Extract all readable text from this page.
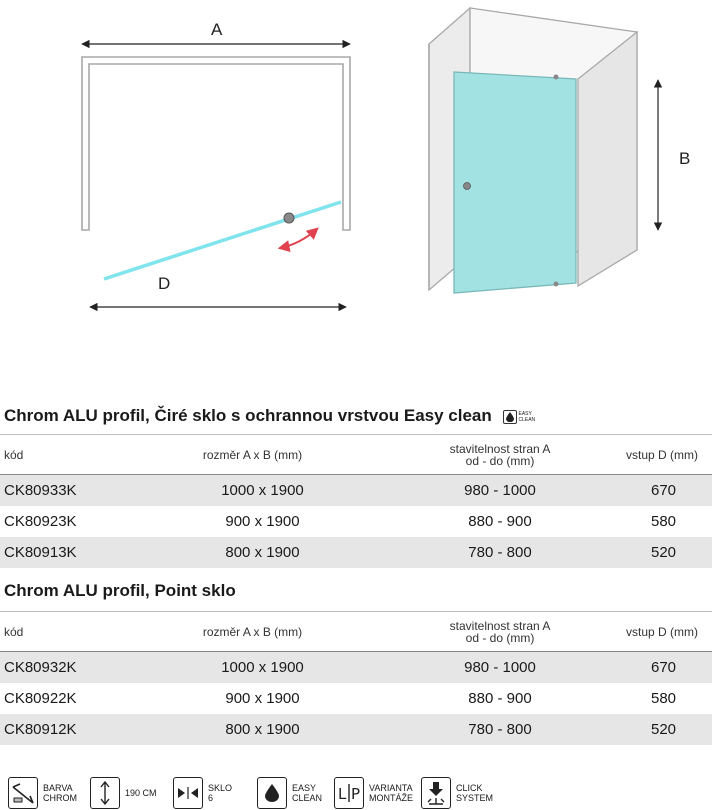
A
B
D
Chrom ALU profil, Čiré sklo s ochrannou vrstvou Easy clean	EASY
CLEAN
kód	rozměr A x B (mm)	stavitelnost stran A
od - do (mm)	vstup D (mm)
CK80933K	1000 x 1900	980 - 1000	670
CK80923K	900 x 1900	880 - 900	580
CK80913K	800 x 1900	780 - 800	520
Chrom ALU profil, Point sklo
kód	rozměr A x B (mm)	stavitelnost stran A
od - do (mm)	vstup D (mm)
CK80932K	1000 x 1900	980 - 1000	670
CK80922K	900 x 1900	880 - 900	580
CK80912K	800 x 1900	780 - 800	520
BARVA
CHROM	190 CM	SKLO
6
EASY
CLEAN L P VARIANTA
MONTÁŽE
CLICK
SYSTEM
